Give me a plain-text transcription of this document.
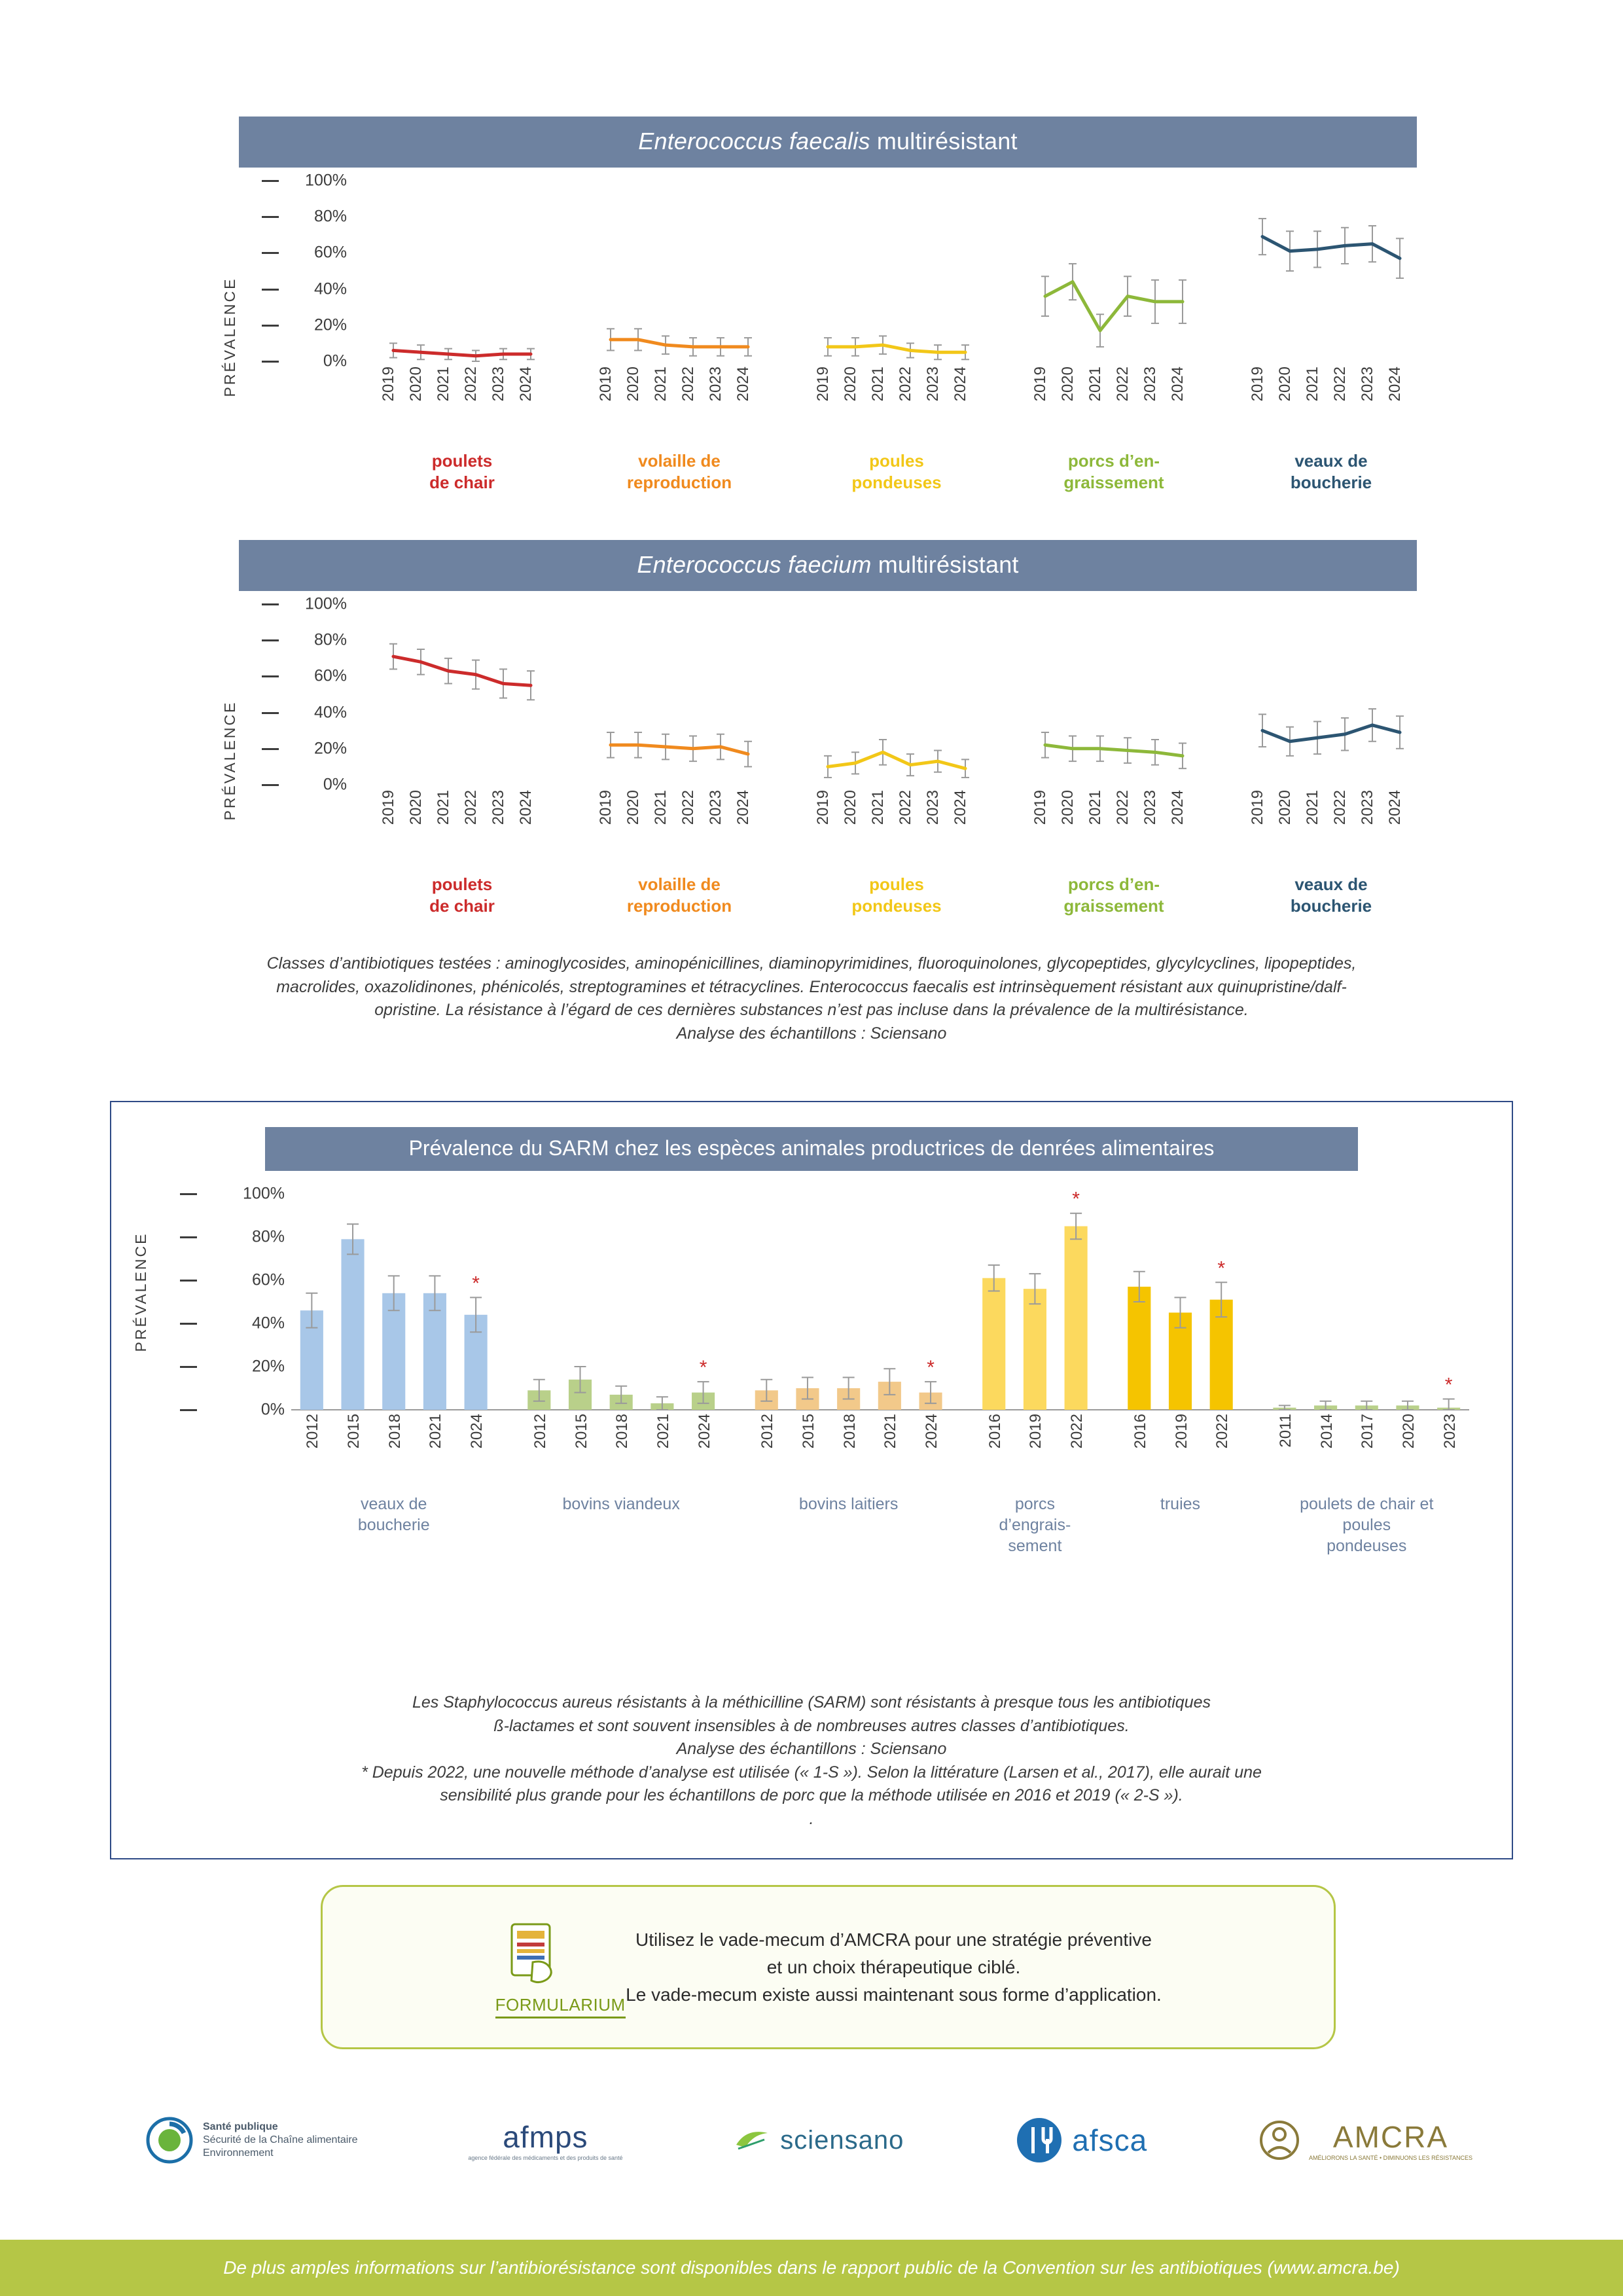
Enterococcus faecalis multirésistant
PRÉVALENCE
100%
80%
60%
40%
20%
0%
2019 2020 2021 2022 2023 2024
poulets
de chair
2019 2020 2021 2022 2023 2024
volaille de
reproduction
2019 2020 2021 2022 2023 2024
poules
pondeuses
2019 2020 2021 2022 2023 2024
porcs d’en-
graissement
2019 2020 2021 2022 2023 2024
veaux de
boucherie
Enterococcus faecium multirésistant
PRÉVALENCE
100%
80%
60%
40%
20%
0%
2019 2020 2021 2022 2023 2024
poulets
de chair
2019 2020 2021 2022 2023 2024
volaille de
reproduction
2019 2020 2021 2022 2023 2024
poules
pondeuses
2019 2020 2021 2022 2023 2024
porcs d’en-
graissement
2019 2020 2021 2022 2023 2024
veaux de
boucherie
Classes d’antibiotiques testées : aminoglycosides, aminopénicillines, diaminopyrimidines, fluoroquinolones, glycopeptides, glycylcyclines, lipopeptides,
macrolides, oxazolidinones, phénicolés, streptogramines et tétracyclines. Enterococcus faecalis est intrinsèquement résistant aux quinupristine/dalf-
opristine. La résistance à l’égard de ces dernières substances n’est pas incluse dans la prévalence de la multirésistance.
Analyse des échantillons : Sciensano
Prévalence du SARM chez les espèces animales productrices de denrées alimentaires
PRÉVALENCE
100%
80%
60%
40%
20%
0%
*
*	*
*
*
*
2012 2015 2018 2021 2024
veaux de
boucherie
2012 2015 2018 2021 2024
bovins viandeux
2012 2015 2018 2021 2024
bovins laitiers
2016 2019 2022
porcs
d’engrais-
sement
2016 2019 2022
truies
2011 2014 2017 2020 2023
poulets de chair et
poules
pondeuses
Les Staphylococcus aureus résistants à la méthicilline (SARM) sont résistants à presque tous les antibiotiques
ß-lactames et sont souvent insensibles à de nombreuses autres classes d’antibiotiques.
Analyse des échantillons : Sciensano
* Depuis 2022, une nouvelle méthode d’analyse est utilisée (« 1-S »). Selon la littérature (Larsen et al., 2017), elle aurait une
sensibilité plus grande pour les échantillons de porc que la méthode utilisée en 2016 et 2019 (« 2-S »).
.
FORMULARIUM
Utilisez le vade-mecum d’AMCRA pour une stratégie préventive
et un choix thérapeutique ciblé.
Le vade-mecum existe aussi maintenant sous forme d’application.
Santé publique
Sécurité de la Chaîne alimentaire
Environnement	afmps
agence fédérale des médicaments et des produits de santé
sciensano	afsca	AMCRA
AMÉLIORONS LA SANTÉ • DIMINUONS LES RÉSISTANCES
De plus amples informations sur l’antibiorésistance sont disponibles dans le rapport public de la Convention sur les antibiotiques (www.amcra.be)
